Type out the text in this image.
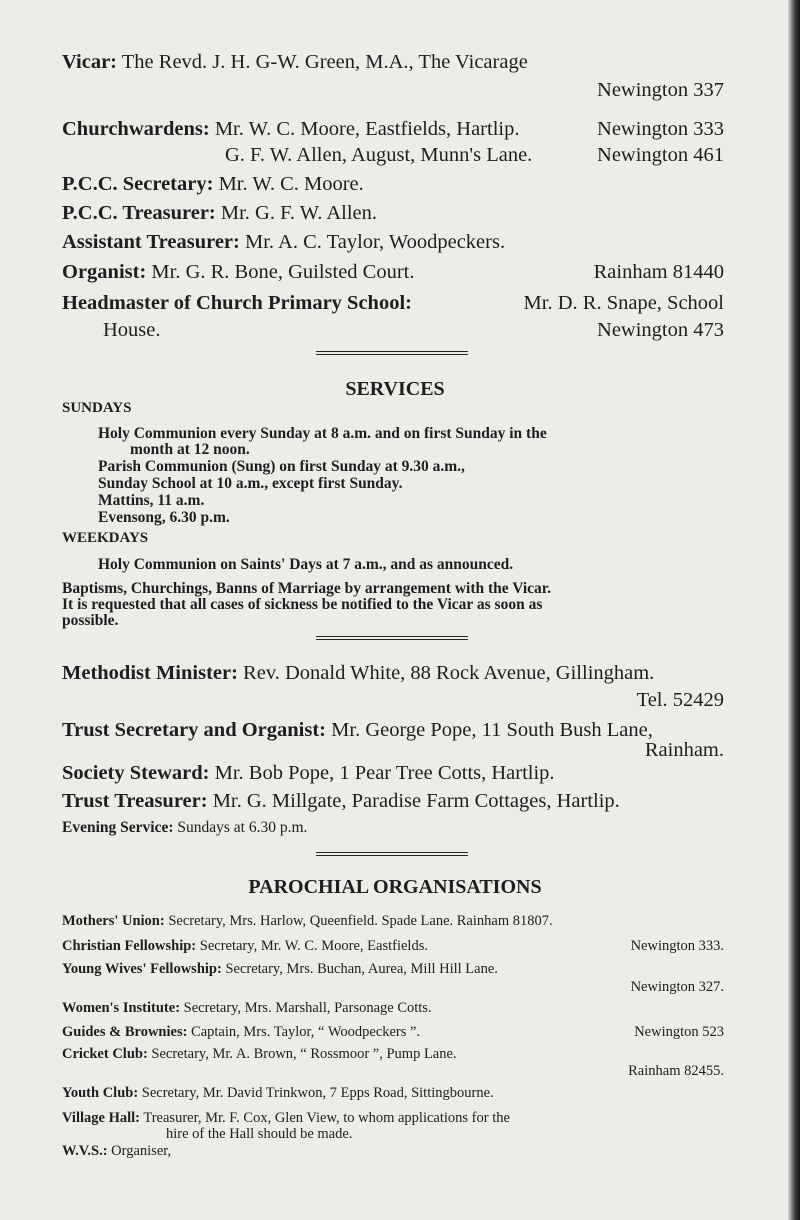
Vicar: The Revd. J. H. G-W. Green, M.A., The Vicarage
Newington 337
Churchwardens: Mr. W. C. Moore, Eastfields, Hartlip.	Newington 333
G. F. W. Allen, August, Munn's Lane.	Newington 461
P.C.C. Secretary: Mr. W. C. Moore.
P.C.C. Treasurer: Mr. G. F. W. Allen.
Assistant Treasurer: Mr. A. C. Taylor, Woodpeckers.
Organist: Mr. G. R. Bone, Guilsted Court.	Rainham 81440
Headmaster of Church Primary School:	Mr. D. R. Snape, School
House.	Newington 473
SERVICES
SUNDAYS
Holy Communion every Sunday at 8 a.m. and on first Sunday in the
month at 12 noon.
Parish Communion (Sung) on first Sunday at 9.30 a.m.,
Sunday School at 10 a.m., except first Sunday.
Mattins, 11 a.m.
Evensong, 6.30 p.m.
WEEKDAYS
Holy Communion on Saints' Days at 7 a.m., and as announced.
Baptisms, Churchings, Banns of Marriage by arrangement with the Vicar.
It is requested that all cases of sickness be notified to the Vicar as soon as
possible.
Methodist Minister: Rev. Donald White, 88 Rock Avenue, Gillingham.
Tel. 52429
Trust Secretary and Organist: Mr. George Pope, 11 South Bush Lane,
Rainham.
Society Steward: Mr. Bob Pope, 1 Pear Tree Cotts, Hartlip.
Trust Treasurer: Mr. G. Millgate, Paradise Farm Cottages, Hartlip.
Evening Service: Sundays at 6.30 p.m.
PAROCHIAL ORGANISATIONS
Mothers' Union: Secretary, Mrs. Harlow, Queenfield. Spade Lane. Rainham 81807.
Christian Fellowship: Secretary, Mr. W. C. Moore, Eastfields.	Newington 333.
Young Wives' Fellowship: Secretary, Mrs. Buchan, Aurea, Mill Hill Lane.
Newington 327.
Women's Institute: Secretary, Mrs. Marshall, Parsonage Cotts.
Guides & Brownies: Captain, Mrs. Taylor, “ Woodpeckers ”.	Newington 523
Cricket Club: Secretary, Mr. A. Brown, “ Rossmoor ”, Pump Lane.
Rainham 82455.
Youth Club: Secretary, Mr. David Trinkwon, 7 Epps Road, Sittingbourne.
Village Hall: Treasurer, Mr. F. Cox, Glen View, to whom applications for the
hire of the Hall should be made.
W.V.S.: Organiser,
